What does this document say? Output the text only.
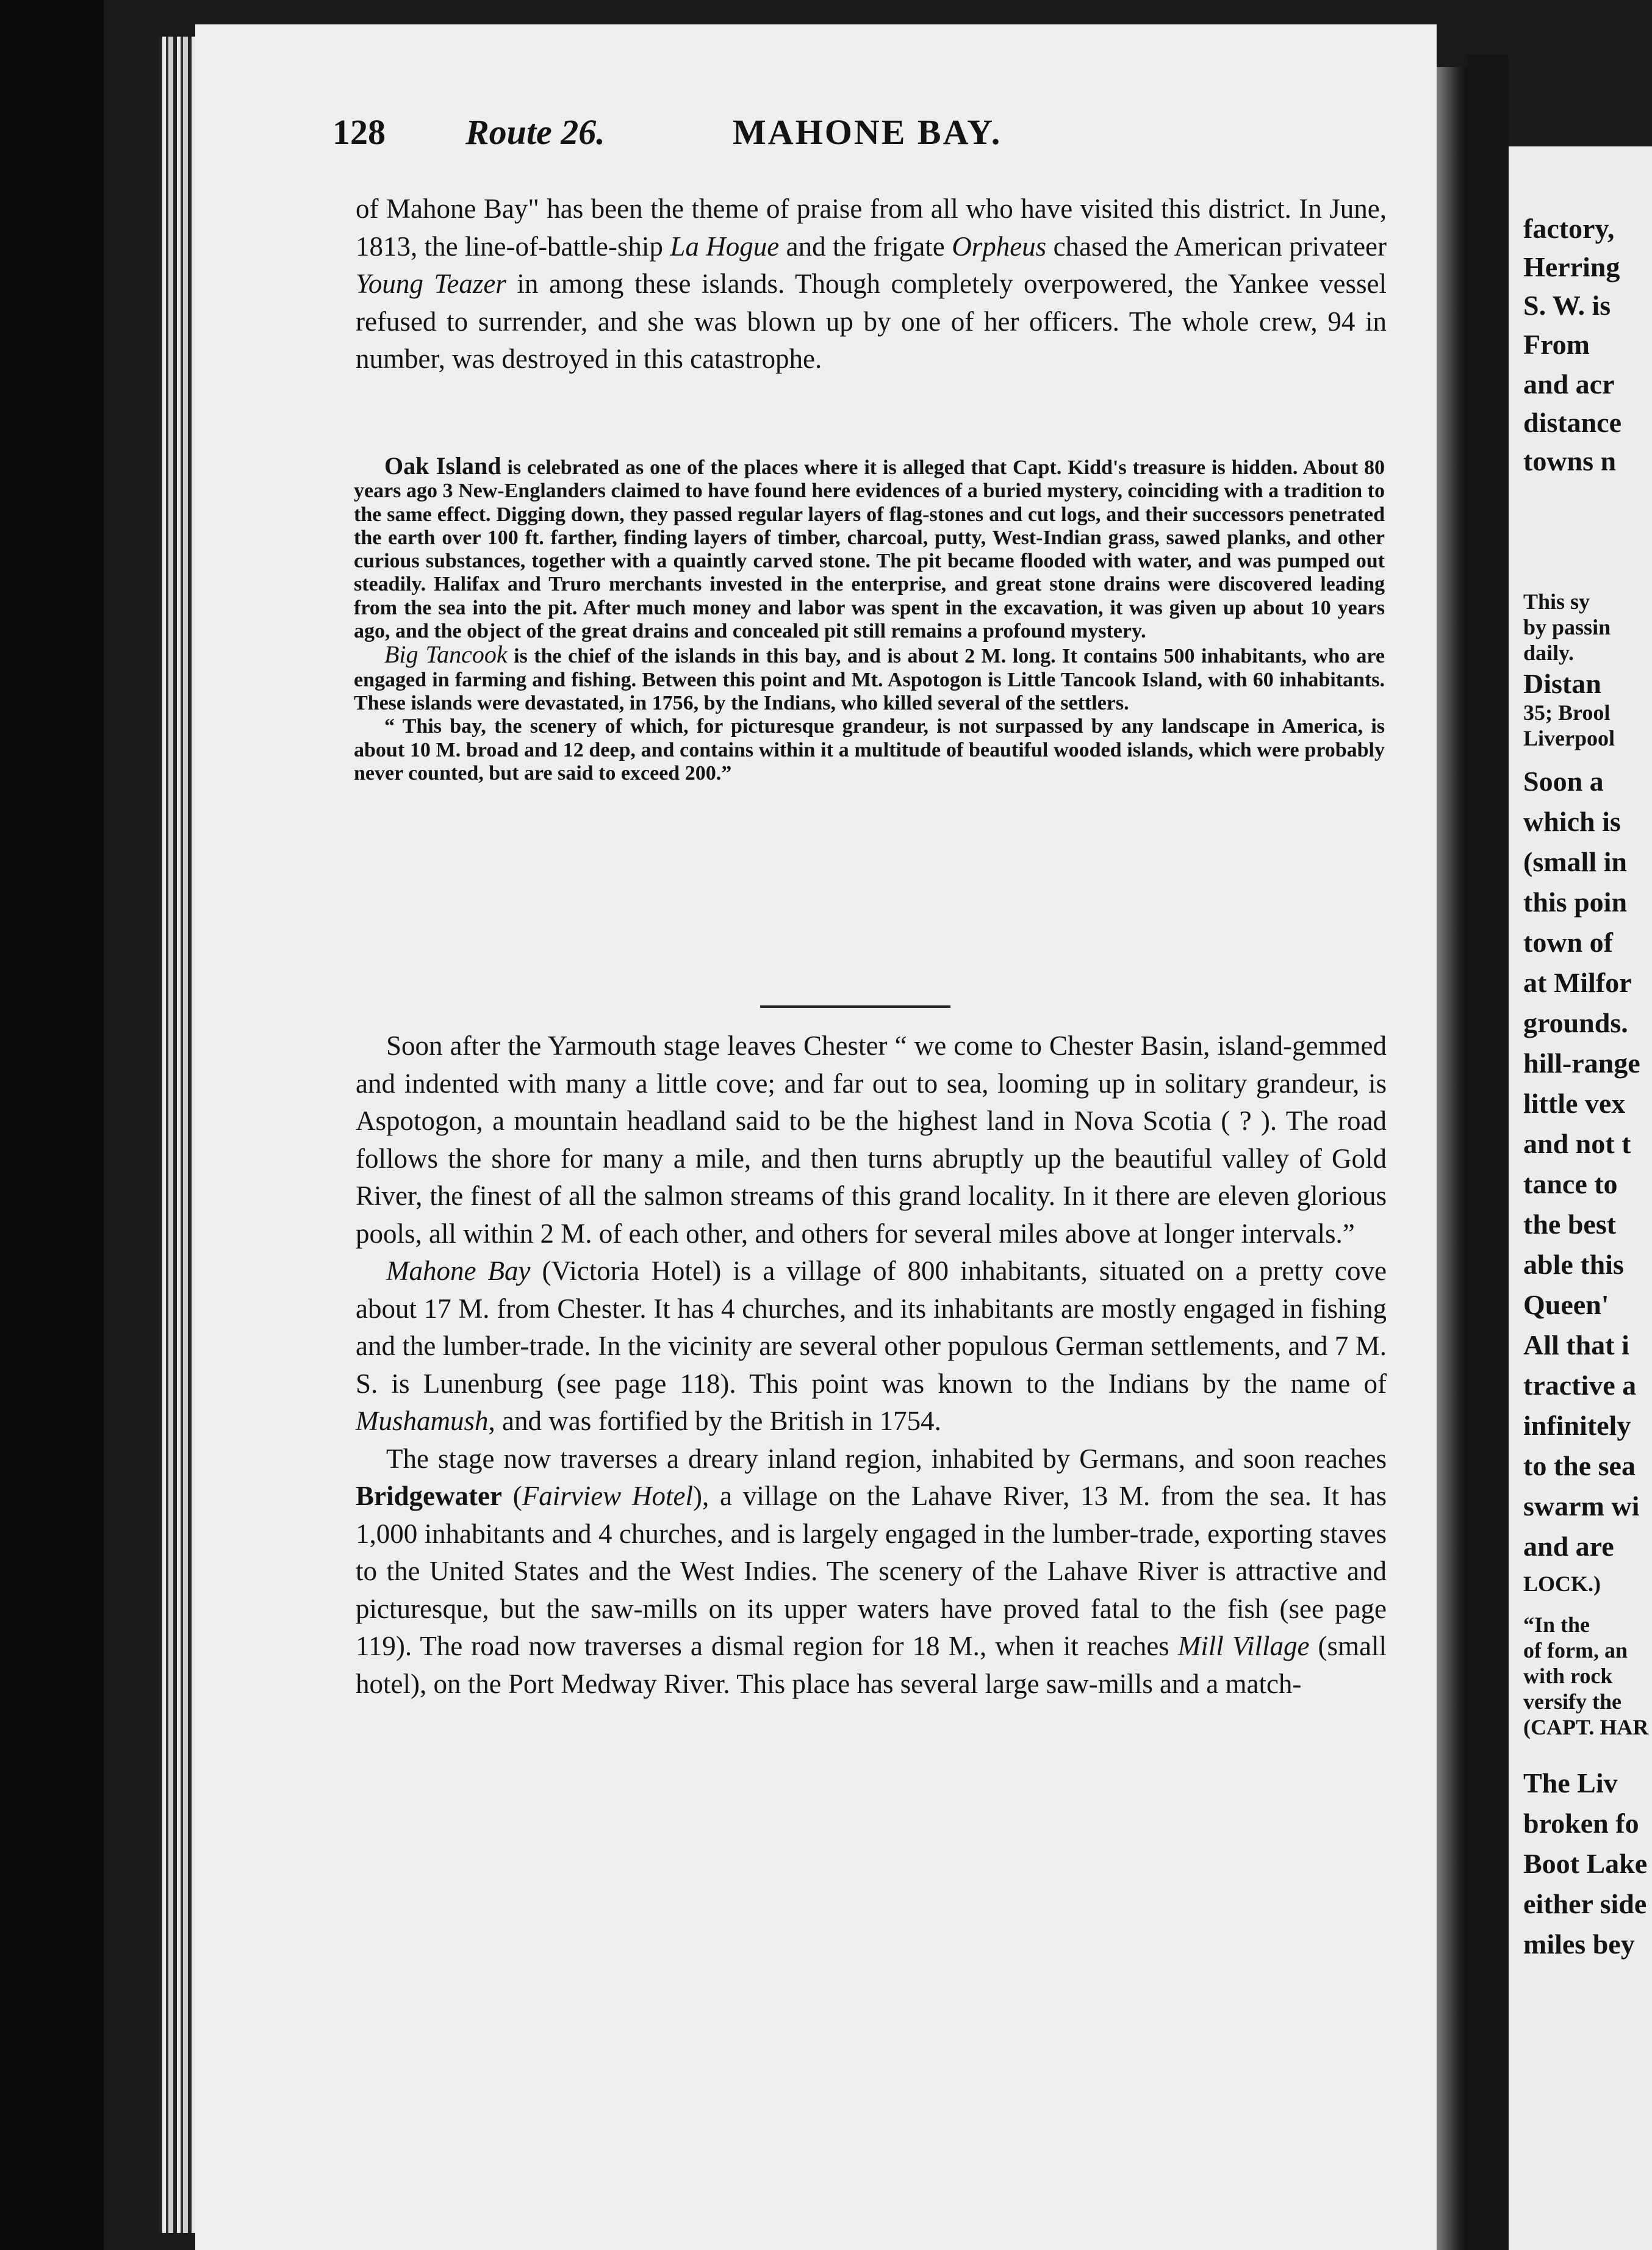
factory,
Herring
S. W. is
From
and acr
distance
towns n
This sy
by passin
daily.
Distan
35; Brool
Liverpool
Soon a
which is
(small in
this poin
town of
at Milfor
grounds.
hill-range
little vex
and not t
tance to
the best
able this
Queen'
All that i
tractive a
infinitely
to the sea
swarm wi
and are
LOCK.)
“In the
of form, an
with rock
versify the
(CAPT. HAR
The Liv
broken fo
Boot Lake
either side
miles bey
128 Route 26.	MAHONE BAY.

of Mahone Bay" has been the theme of praise from all who have visited this district. In June, 1813, the line-of-battle-ship La Hogue and the frigate Orpheus chased the American privateer Young Teazer in among these islands. Though completely overpowered, the Yankee vessel refused to surrender, and she was blown up by one of her officers. The whole crew, 94 in number, was destroyed in this catastrophe.

Oak Island is celebrated as one of the places where it is alleged that Capt. Kidd's treasure is hidden. About 80 years ago 3 New-Englanders claimed to have found here evidences of a buried mystery, coinciding with a tradition to the same effect. Digging down, they passed regular layers of flag-stones and cut logs, and their successors penetrated the earth over 100 ft. farther, finding layers of timber, charcoal, putty, West-Indian grass, sawed planks, and other curious substances, together with a quaintly carved stone. The pit became flooded with water, and was pumped out steadily. Halifax and Truro merchants invested in the enterprise, and great stone drains were discovered leading from the sea into the pit. After much money and labor was spent in the excavation, it was given up about 10 years ago, and the object of the great drains and concealed pit still remains a profound mystery.

Big Tancook is the chief of the islands in this bay, and is about 2 M. long. It contains 500 inhabitants, who are engaged in farming and fishing. Between this point and Mt. Aspotogon is Little Tancook Island, with 60 inhabitants. These islands were devastated, in 1756, by the Indians, who killed several of the settlers.

“ This bay, the scenery of which, for picturesque grandeur, is not surpassed by any landscape in America, is about 10 M. broad and 12 deep, and contains within it a multitude of beautiful wooded islands, which were probably never counted, but are said to exceed 200.”

Soon after the Yarmouth stage leaves Chester “ we come to Chester Basin, island-gemmed and indented with many a little cove; and far out to sea, looming up in solitary grandeur, is Aspotogon, a mountain headland said to be the highest land in Nova Scotia ( ? ). The road follows the shore for many a mile, and then turns abruptly up the beautiful valley of Gold River, the finest of all the salmon streams of this grand locality. In it there are eleven glorious pools, all within 2 M. of each other, and others for several miles above at longer intervals.”

Mahone Bay (Victoria Hotel) is a village of 800 inhabitants, situated on a pretty cove about 17 M. from Chester. It has 4 churches, and its inhabitants are mostly engaged in fishing and the lumber-trade. In the vicinity are several other populous German settlements, and 7 M. S. is Lunenburg (see page 118). This point was known to the Indians by the name of Mushamush, and was fortified by the British in 1754.

The stage now traverses a dreary inland region, inhabited by Germans, and soon reaches Bridgewater (Fairview Hotel), a village on the Lahave River, 13 M. from the sea. It has 1,000 inhabitants and 4 churches, and is largely engaged in the lumber-trade, exporting staves to the United States and the West Indies. The scenery of the Lahave River is attractive and picturesque, but the saw-mills on its upper waters have proved fatal to the fish (see page 119). The road now traverses a dismal region for 18 M., when it reaches Mill Village (small hotel), on the Port Medway River. This place has several large saw-mills and a match-
